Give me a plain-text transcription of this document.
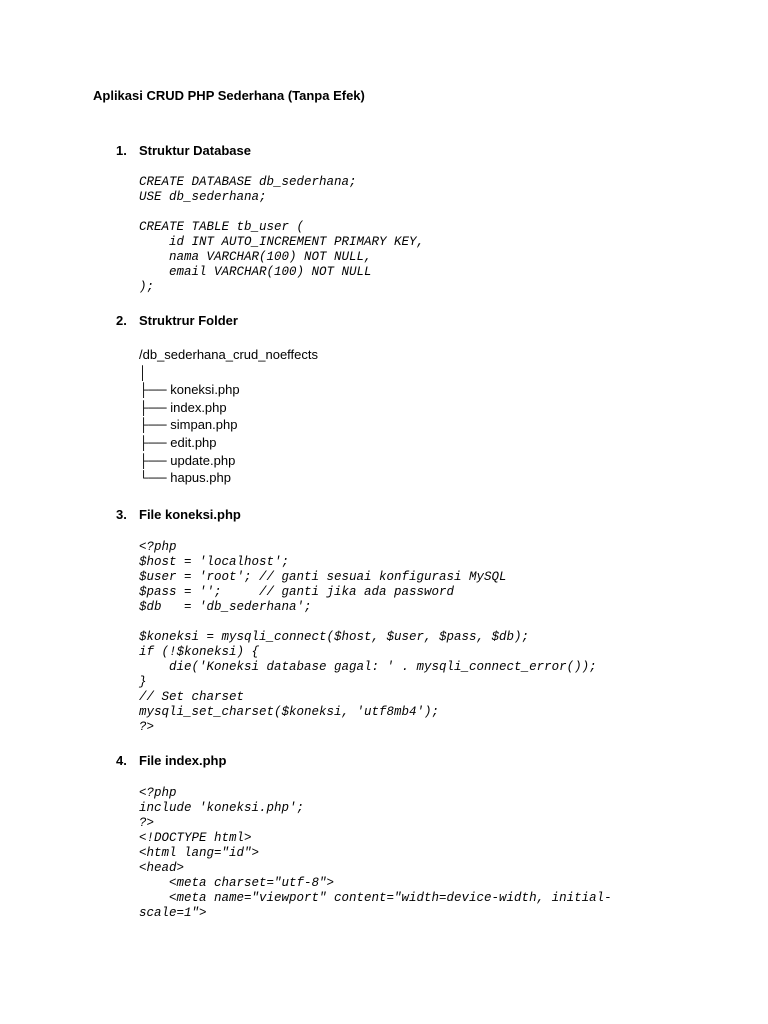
Aplikasi CRUD PHP Sederhana (Tanpa Efek)
1. Struktur Database
CREATE DATABASE db_sederhana;
USE db_sederhana;

CREATE TABLE tb_user (
id INT AUTO_INCREMENT PRIMARY KEY,
nama VARCHAR(100) NOT NULL,
email VARCHAR(100) NOT NULL
);
2. Struktrur Folder
/db_sederhana_crud_noeffects
│
├── koneksi.php
├── index.php
├── simpan.php
├── edit.php
├── update.php
└── hapus.php
3. File koneksi.php
<?php
$host = 'localhost';
$user = 'root'; // ganti sesuai konfigurasi MySQL
$pass = '';     // ganti jika ada password
$db   = 'db_sederhana';

$koneksi = mysqli_connect($host, $user, $pass, $db);
if (!$koneksi) {
die('Koneksi database gagal: ' . mysqli_connect_error());
}
// Set charset
mysqli_set_charset($koneksi, 'utf8mb4');
?>
4. File index.php
<?php
include 'koneksi.php';
?>
<!DOCTYPE html>
<html lang="id">
<head>
<meta charset="utf-8">
<meta name="viewport" content="width=device-width, initial-
scale=1">
